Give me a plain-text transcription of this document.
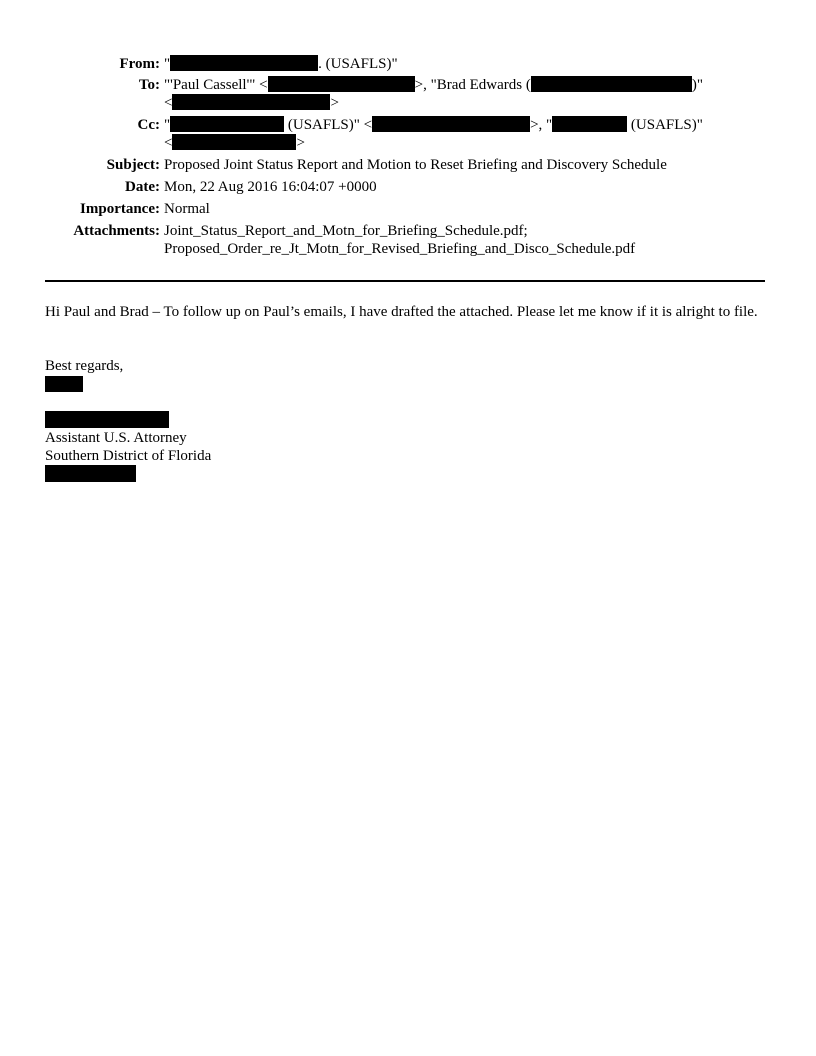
From: "	. (USAFLS)"
To: "'Paul Cassell'" <	>, "Brad Edwards (	)"
<	>
Cc: "	(USAFLS)" <	>, "	(USAFLS)"
<	>
Subject: Proposed Joint Status Report and Motion to Reset Briefing and Discovery Schedule
Date: Mon, 22 Aug 2016 16:04:07 +0000
Importance: Normal
Attachments: Joint_Status_Report_and_Motn_for_Briefing_Schedule.pdf;
Proposed_Order_re_Jt_Motn_for_Revised_Briefing_and_Disco_Schedule.pdf
Hi Paul and Brad – To follow up on Paul’s emails, I have drafted the attached. Please let me know if it is alright to file.
Best regards,
Assistant U.S. Attorney
Southern District of Florida
